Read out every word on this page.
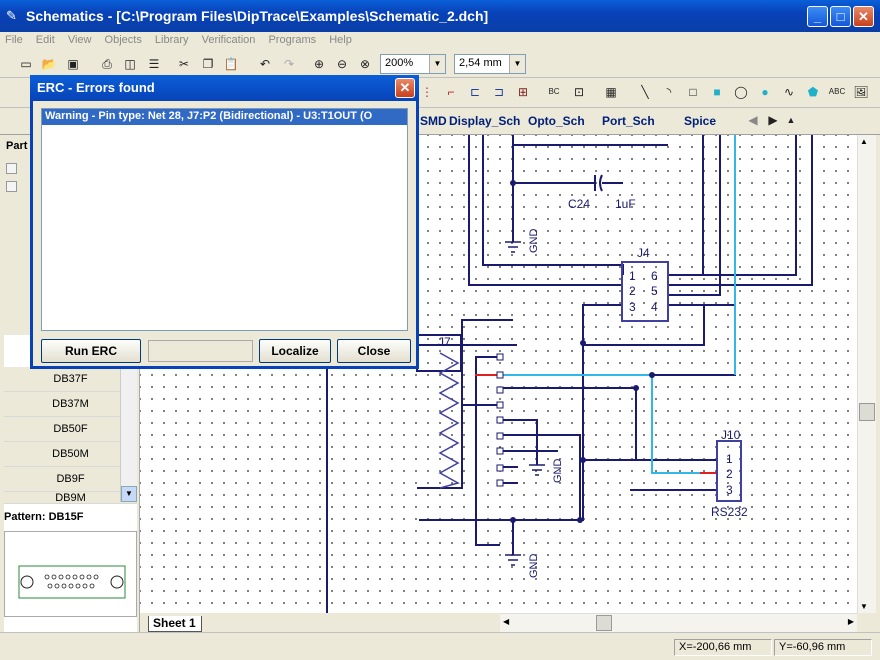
✎ Schematics - [C:\Program Files\DipTrace\Examples\Schematic_2.dch]	_	□	✕
File Edit View Objects Library Verification Programs Help
▭ 📂 ▣	⎙	◫	☰	✂	❐ 📋	↶	↷	⊕	⊖	⊗	200%	▼	2,54 mm	▼
⋮	⌐	⊏	⊐	⊞	BC	⊡	▦	╲	◝	□	■	◯	●	∿	⬟	ABC 🖼
SMD Display_Sch Opto_Sch Port_Sch Spice	◀ ▶ ▲
Part
DB37F
DB37M
DB50F
DB50M
DB9F
DB9M	▼
Pattern: DB15F
C24 1uF
GND
GND
GND
J4
1
2
3
6
5
4
J7
J10
1
2
3
RS232
▲
▼
◀	▶
Sheet 1
X=-200,66 mm	Y=-60,96 mm
ERC - Errors found	✕
Warning - Pin type: Net 28, J7:P2 (Bidirectional) - U3:T1OUT (O
Run ERC	Localize	Close
